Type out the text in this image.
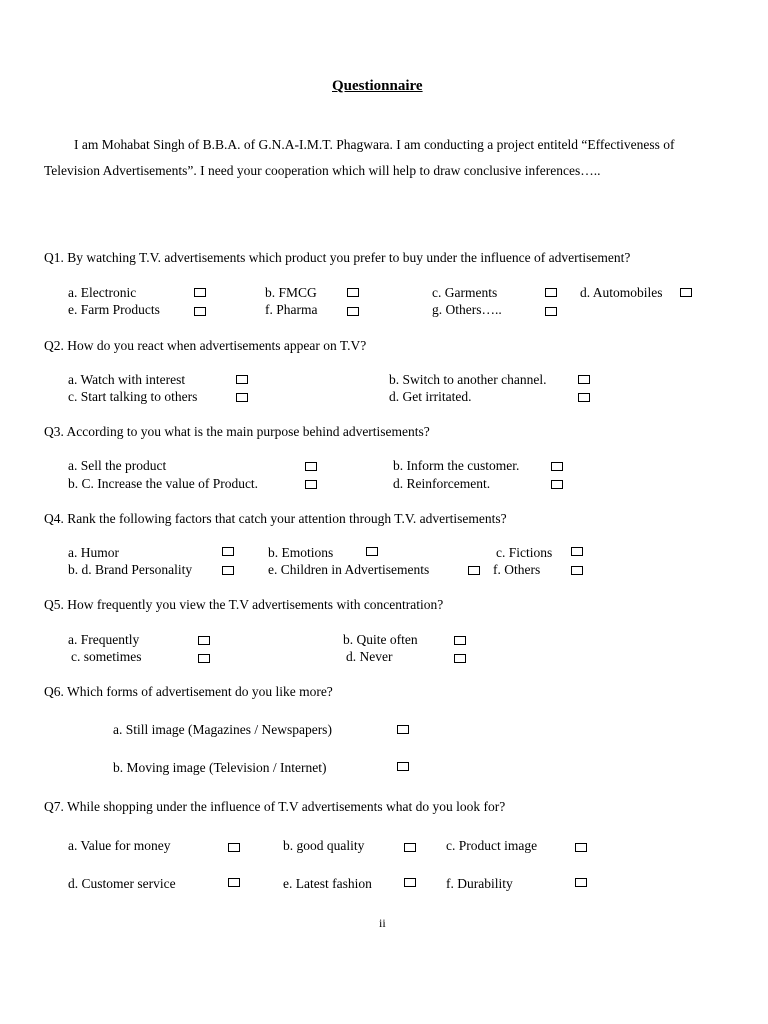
Questionnaire
I am Mohabat Singh of B.B.A. of G.N.A-I.M.T. Phagwara. I am conducting a project entiteld “Effectiveness of Television Advertisements”. I need your cooperation which will help to draw conclusive inferences…..
Q1. By watching T.V. advertisements which product you prefer to buy under the influence of advertisement?
a. Electronic	b. FMCG	c. Garments	d. Automobiles
e. Farm Products	f. Pharma	g. Others…..
Q2. How do you react when advertisements appear on T.V?
a. Watch with interest	b. Switch to another channel.
c. Start talking to others	d. Get irritated.
Q3. According to you what is the main purpose behind advertisements?
a. Sell the product	b. Inform the customer.
b. C. Increase the value of Product.	d. Reinforcement.
Q4. Rank the following factors that catch your attention through T.V. advertisements?
a. Humor	b. Emotions	c. Fictions
b. d. Brand Personality	e. Children in Advertisements	f. Others
Q5. How frequently you view the T.V advertisements with concentration?
a. Frequently	b. Quite often
c. sometimes	d. Never
Q6. Which forms of advertisement do you like more?
a. Still image (Magazines / Newspapers)
b. Moving image (Television / Internet)
Q7. While shopping under the influence of T.V advertisements what do you look for?
a. Value for money	b. good quality	c. Product image
d. Customer service	e. Latest fashion	f. Durability
ii
